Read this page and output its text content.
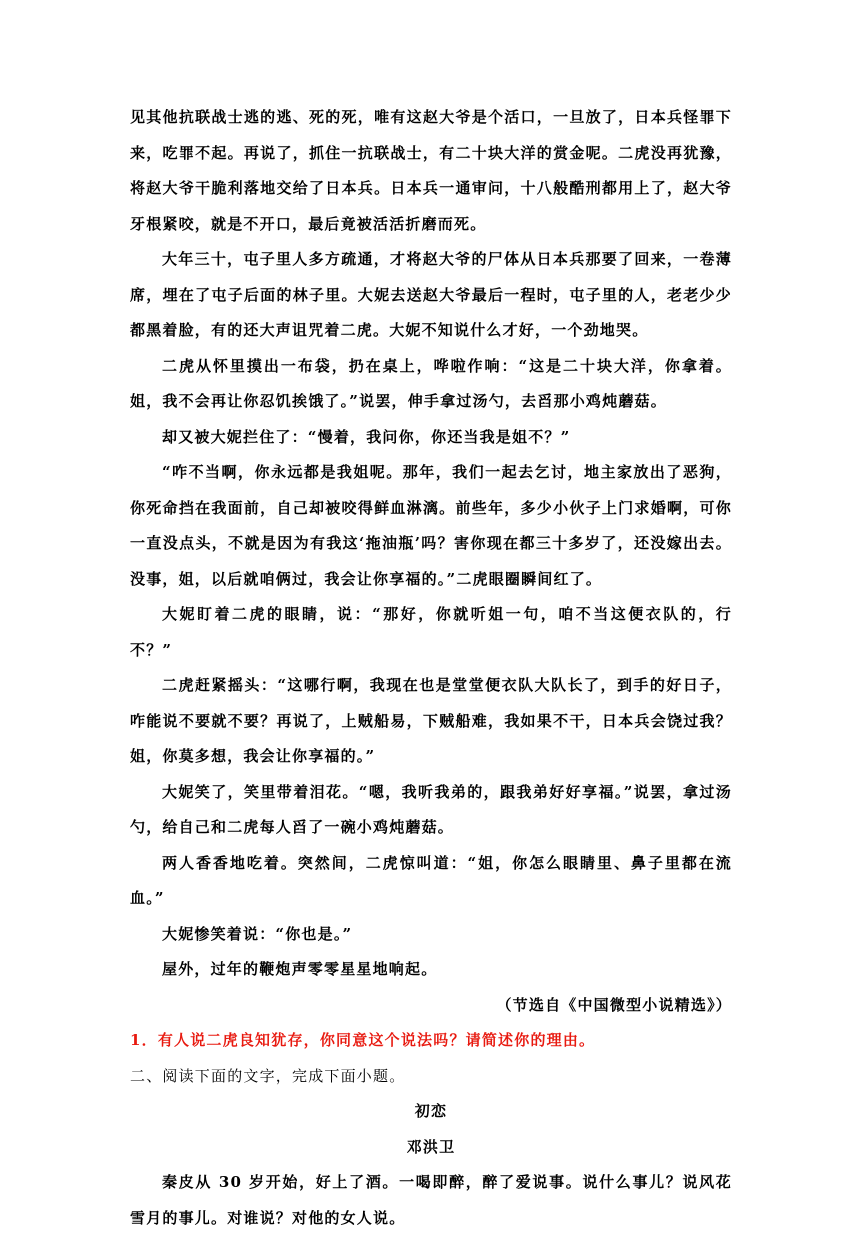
见其他抗联战士逃的逃、死的死，唯有这赵大爷是个活口，一旦放了，日本兵怪罪下来，吃罪不起。再说了，抓住一抗联战士，有二十块大洋的赏金呢。二虎没再犹豫，将赵大爷干脆利落地交给了日本兵。日本兵一通审问，十八般酷刑都用上了，赵大爷牙根紧咬，就是不开口，最后竟被活活折磨而死。

大年三十，屯子里人多方疏通，才将赵大爷的尸体从日本兵那要了回来，一卷薄席，埋在了屯子后面的林子里。大妮去送赵大爷最后一程时，屯子里的人，老老少少都黑着脸，有的还大声诅咒着二虎。大妮不知说什么才好，一个劲地哭。

二虎从怀里摸出一布袋，扔在桌上，哗啦作响：“这是二十块大洋，你拿着。姐，我不会再让你忍饥挨饿了。”说罢，伸手拿过汤勺，去舀那小鸡炖蘑菇。

却又被大妮拦住了：“慢着，我问你，你还当我是姐不？”

“咋不当啊，你永远都是我姐呢。那年，我们一起去乞讨，地主家放出了恶狗，你死命挡在我面前，自己却被咬得鲜血淋漓。前些年，多少小伙子上门求婚啊，可你一直没点头，不就是因为有我这‘拖油瓶’吗？害你现在都三十多岁了，还没嫁出去。没事，姐，以后就咱俩过，我会让你享福的。”二虎眼圈瞬间红了。

大妮盯着二虎的眼睛，说：“那好，你就听姐一句，咱不当这便衣队的，行不？”

二虎赶紧摇头：“这哪行啊，我现在也是堂堂便衣队大队长了，到手的好日子，咋能说不要就不要？再说了，上贼船易，下贼船难，我如果不干，日本兵会饶过我？姐，你莫多想，我会让你享福的。”

大妮笑了，笑里带着泪花。“嗯，我听我弟的，跟我弟好好享福。”说罢，拿过汤勺，给自己和二虎每人舀了一碗小鸡炖蘑菇。

两人香香地吃着。突然间，二虎惊叫道：“姐，你怎么眼睛里、鼻子里都在流血。”

大妮惨笑着说：“你也是。”

屋外，过年的鞭炮声零零星星地响起。

（节选自《中国微型小说精选》）

1．有人说二虎良知犹存，你同意这个说法吗？请简述你的理由。

二、阅读下面的文字，完成下面小题。

初恋

邓洪卫

秦皮从 30 岁开始，好上了酒。一喝即醉，醉了爱说事。说什么事儿？说风花雪月的事儿。对谁说？对他的女人说。
